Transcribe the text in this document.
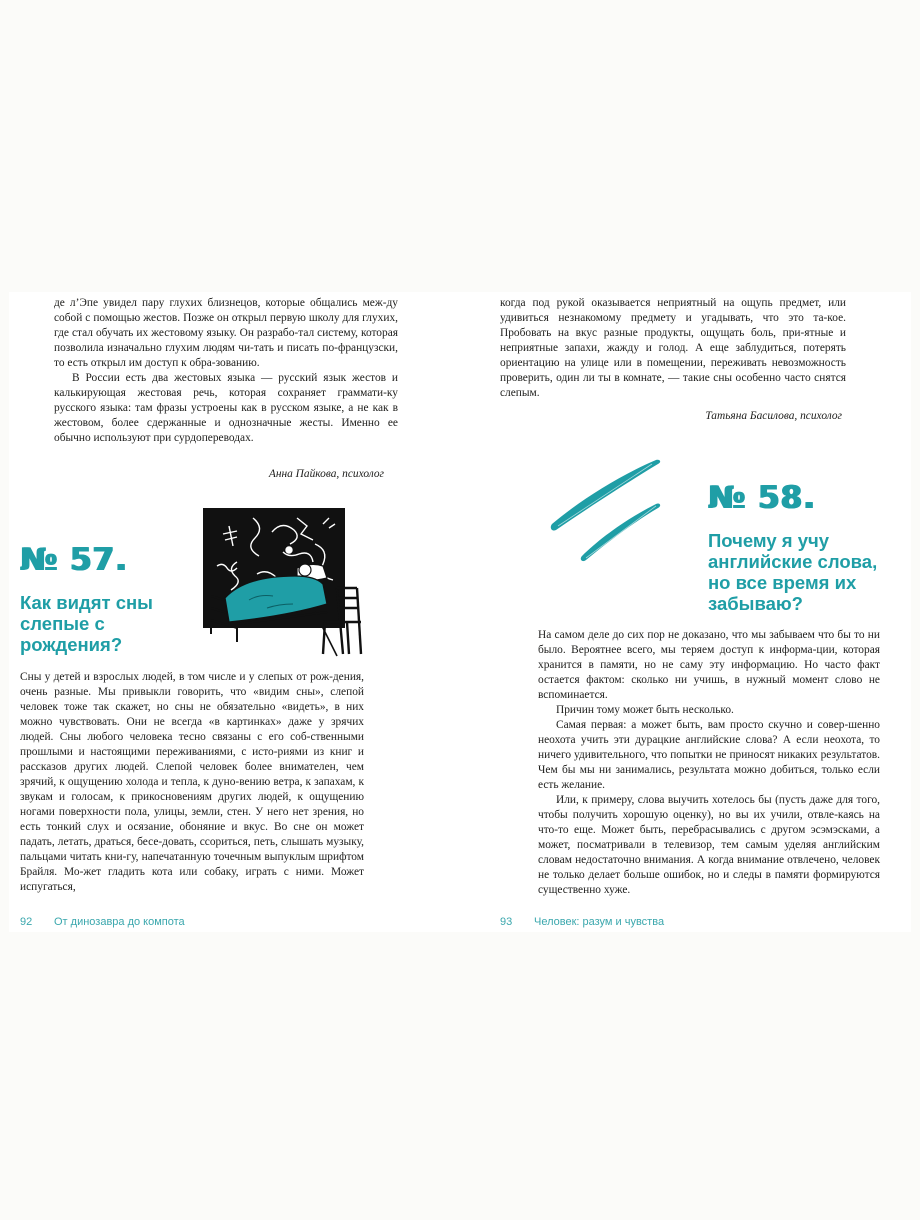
де л’Эпе увидел пару глухих близнецов, которые общались меж-ду собой с помощью жестов. Позже он открыл первую школу для глухих, где стал обучать их жестовому языку. Он разрабо-тал систему, которая позволила изначально глухим людям чи-тать и писать по-французски, то есть открыл им доступ к обра-зованию.

В России есть два жестовых языка — русский язык жестов и калькирующая жестовая речь, которая сохраняет граммати-ку русского языка: там фразы устроены как в русском языке, а не как в жестовом, более сдержанные и однозначные жесты. Именно ее обычно используют при сурдопереводах.

Анна Пайкова, психолог
№ 57.
Как видят сны слепые с рождения?

Сны у детей и взрослых людей, в том числе и у слепых от рож-дения, очень разные. Мы привыкли говорить, что «видим сны», слепой человек тоже так скажет, но сны не обязательно «видеть», в них можно чувствовать. Они не всегда «в картинках» даже у зрячих людей. Сны любого человека тесно связаны с его соб-ственными прошлыми и настоящими переживаниями, с исто-риями из книг и рассказов других людей. Слепой человек более внимателен, чем зрячий, к ощущению холода и тепла, к дуно-вению ветра, к запахам, к звукам и голосам, к прикосновениям других людей, к ощущению ногами поверхности пола, улицы, земли, стен. У него нет зрения, но есть тонкий слух и осязание, обоняние и вкус. Во сне он может падать, летать, драться, бесе-довать, ссориться, петь, слышать музыку, пальцами читать кни-гу, напечатанную точечным выпуклым шрифтом Брайля. Мо-жет гладить кота или собаку, играть с ними. Может испугаться,

92 От динозавра до компота

когда под рукой оказывается неприятный на ощупь предмет, или удивиться незнакомому предмету и угадывать, что это та-кое. Пробовать на вкус разные продукты, ощущать боль, при-ятные и неприятные запахи, жажду и голод. А еще заблудиться, потерять ориентацию на улице или в помещении, переживать невозможность проверить, один ли ты в комнате, — такие сны особенно часто снятся слепым.

Татьяна Басилова, психолог
№ 58.
Почему я учу английские слова, но все время их забываю?

На самом деле до сих пор не доказано, что мы забываем что бы то ни было. Вероятнее всего, мы теряем доступ к информа-ции, которая хранится в памяти, но не саму эту информацию. Но часто факт остается фактом: сколько ни учишь, в нужный момент слово не вспоминается.

Причин тому может быть несколько.

Самая первая: а может быть, вам просто скучно и совер-шенно неохота учить эти дурацкие английские слова? А если неохота, то ничего удивительного, что попытки не приносят никаких результатов. Чем бы мы ни занимались, результата можно добиться, только если есть желание.

Или, к примеру, слова выучить хотелось бы (пусть даже для того, чтобы получить хорошую оценку), но вы их учили, отвле-каясь на что-то еще. Может быть, перебрасывались с другом эсэмэсками, а может, посматривали в телевизор, тем самым уделяя английским словам недостаточно внимания. А когда внимание отвлечено, человек не только делает больше ошибок, но и следы в памяти формируются существенно хуже.

93 Человек: разум и чувства
